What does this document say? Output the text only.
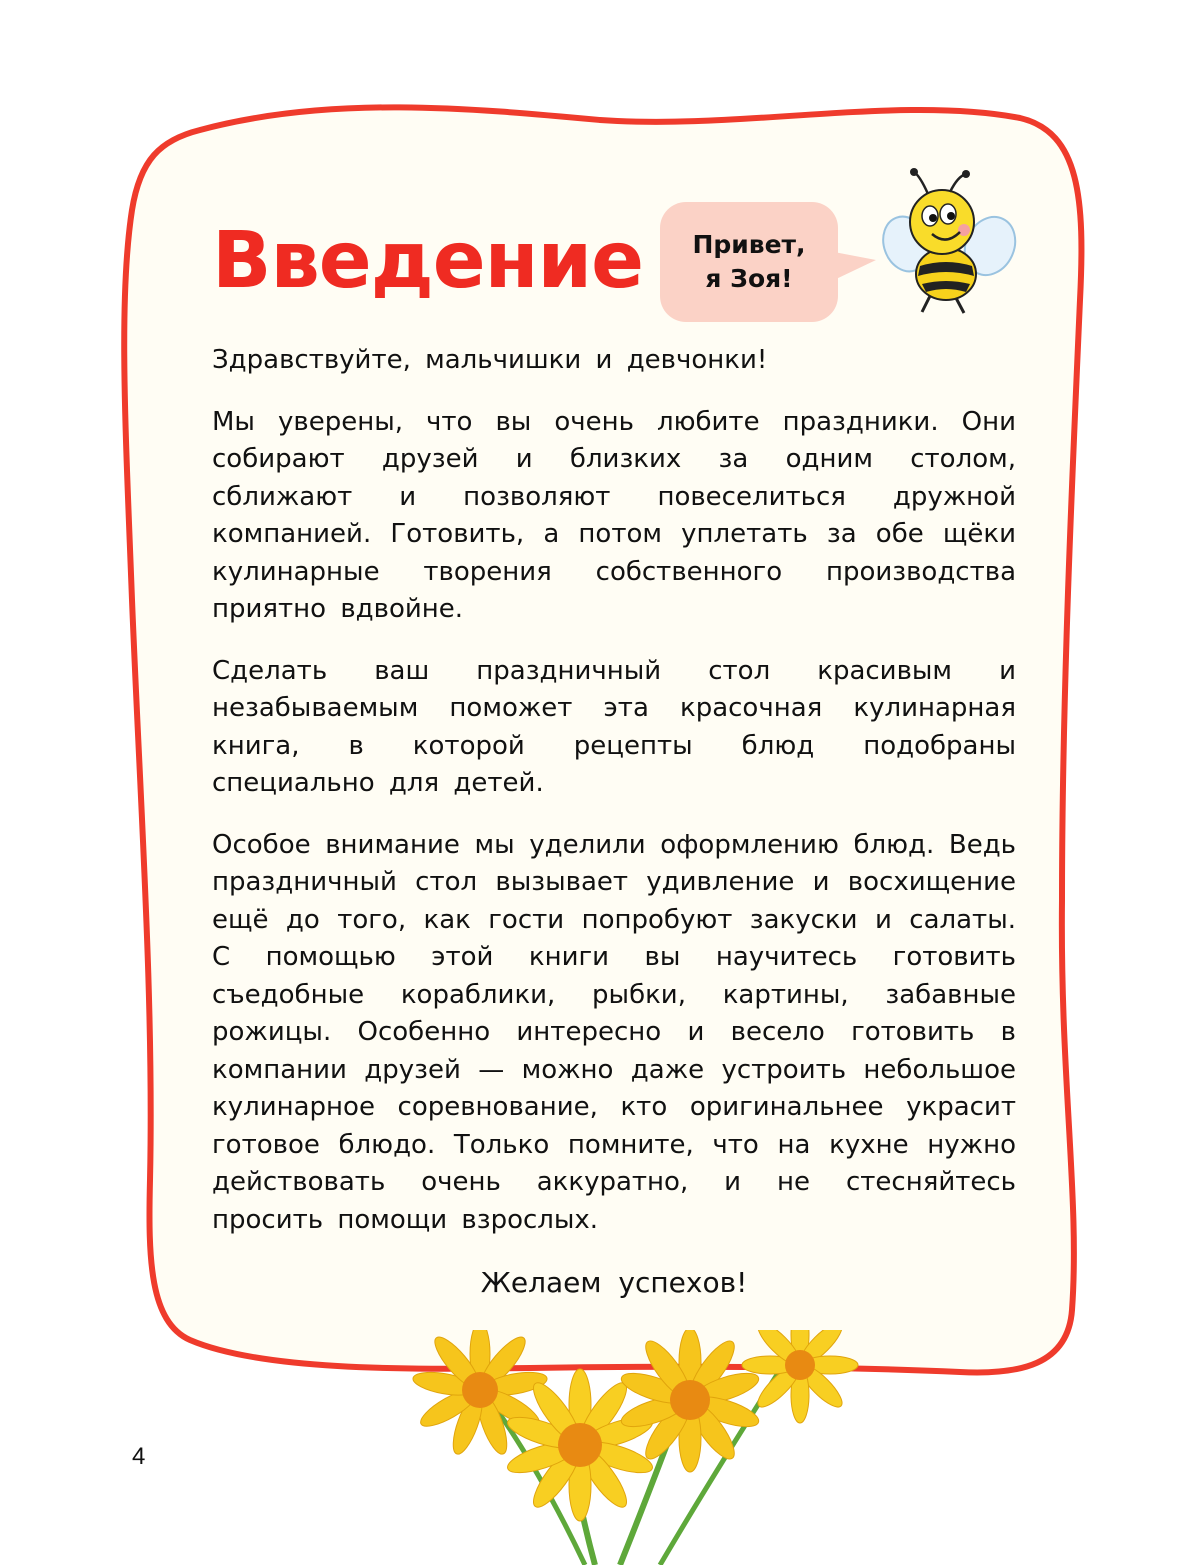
Введение Привет,
я Зоя!

Здравствуйте, мальчишки и девчонки!

Мы уверены, что вы очень любите праздники. Они собирают друзей и близких за одним столом, сближают и позволяют повеселиться дружной компанией. Готовить, а потом уплетать за обе щёки кулинарные творения собственного производства приятно вдвойне.

Сделать ваш праздничный стол красивым и незабываемым поможет эта красочная кулинарная книга, в которой рецепты блюд подобраны специально для детей.

Особое внимание мы уделили оформлению блюд. Ведь праздничный стол вызывает удивление и восхищение ещё до того, как гости попробуют закуски и салаты. С помощью этой книги вы научитесь готовить съедобные кораблики, рыбки, картины, забавные рожицы. Особенно интересно и весело готовить в компании друзей — можно даже устроить небольшое кулинарное соревнование, кто оригинальнее украсит готовое блюдо. Только помните, что на кухне нужно действовать очень аккуратно, и не стесняйтесь просить помощи взрослых.

Желаем успехов!
4
